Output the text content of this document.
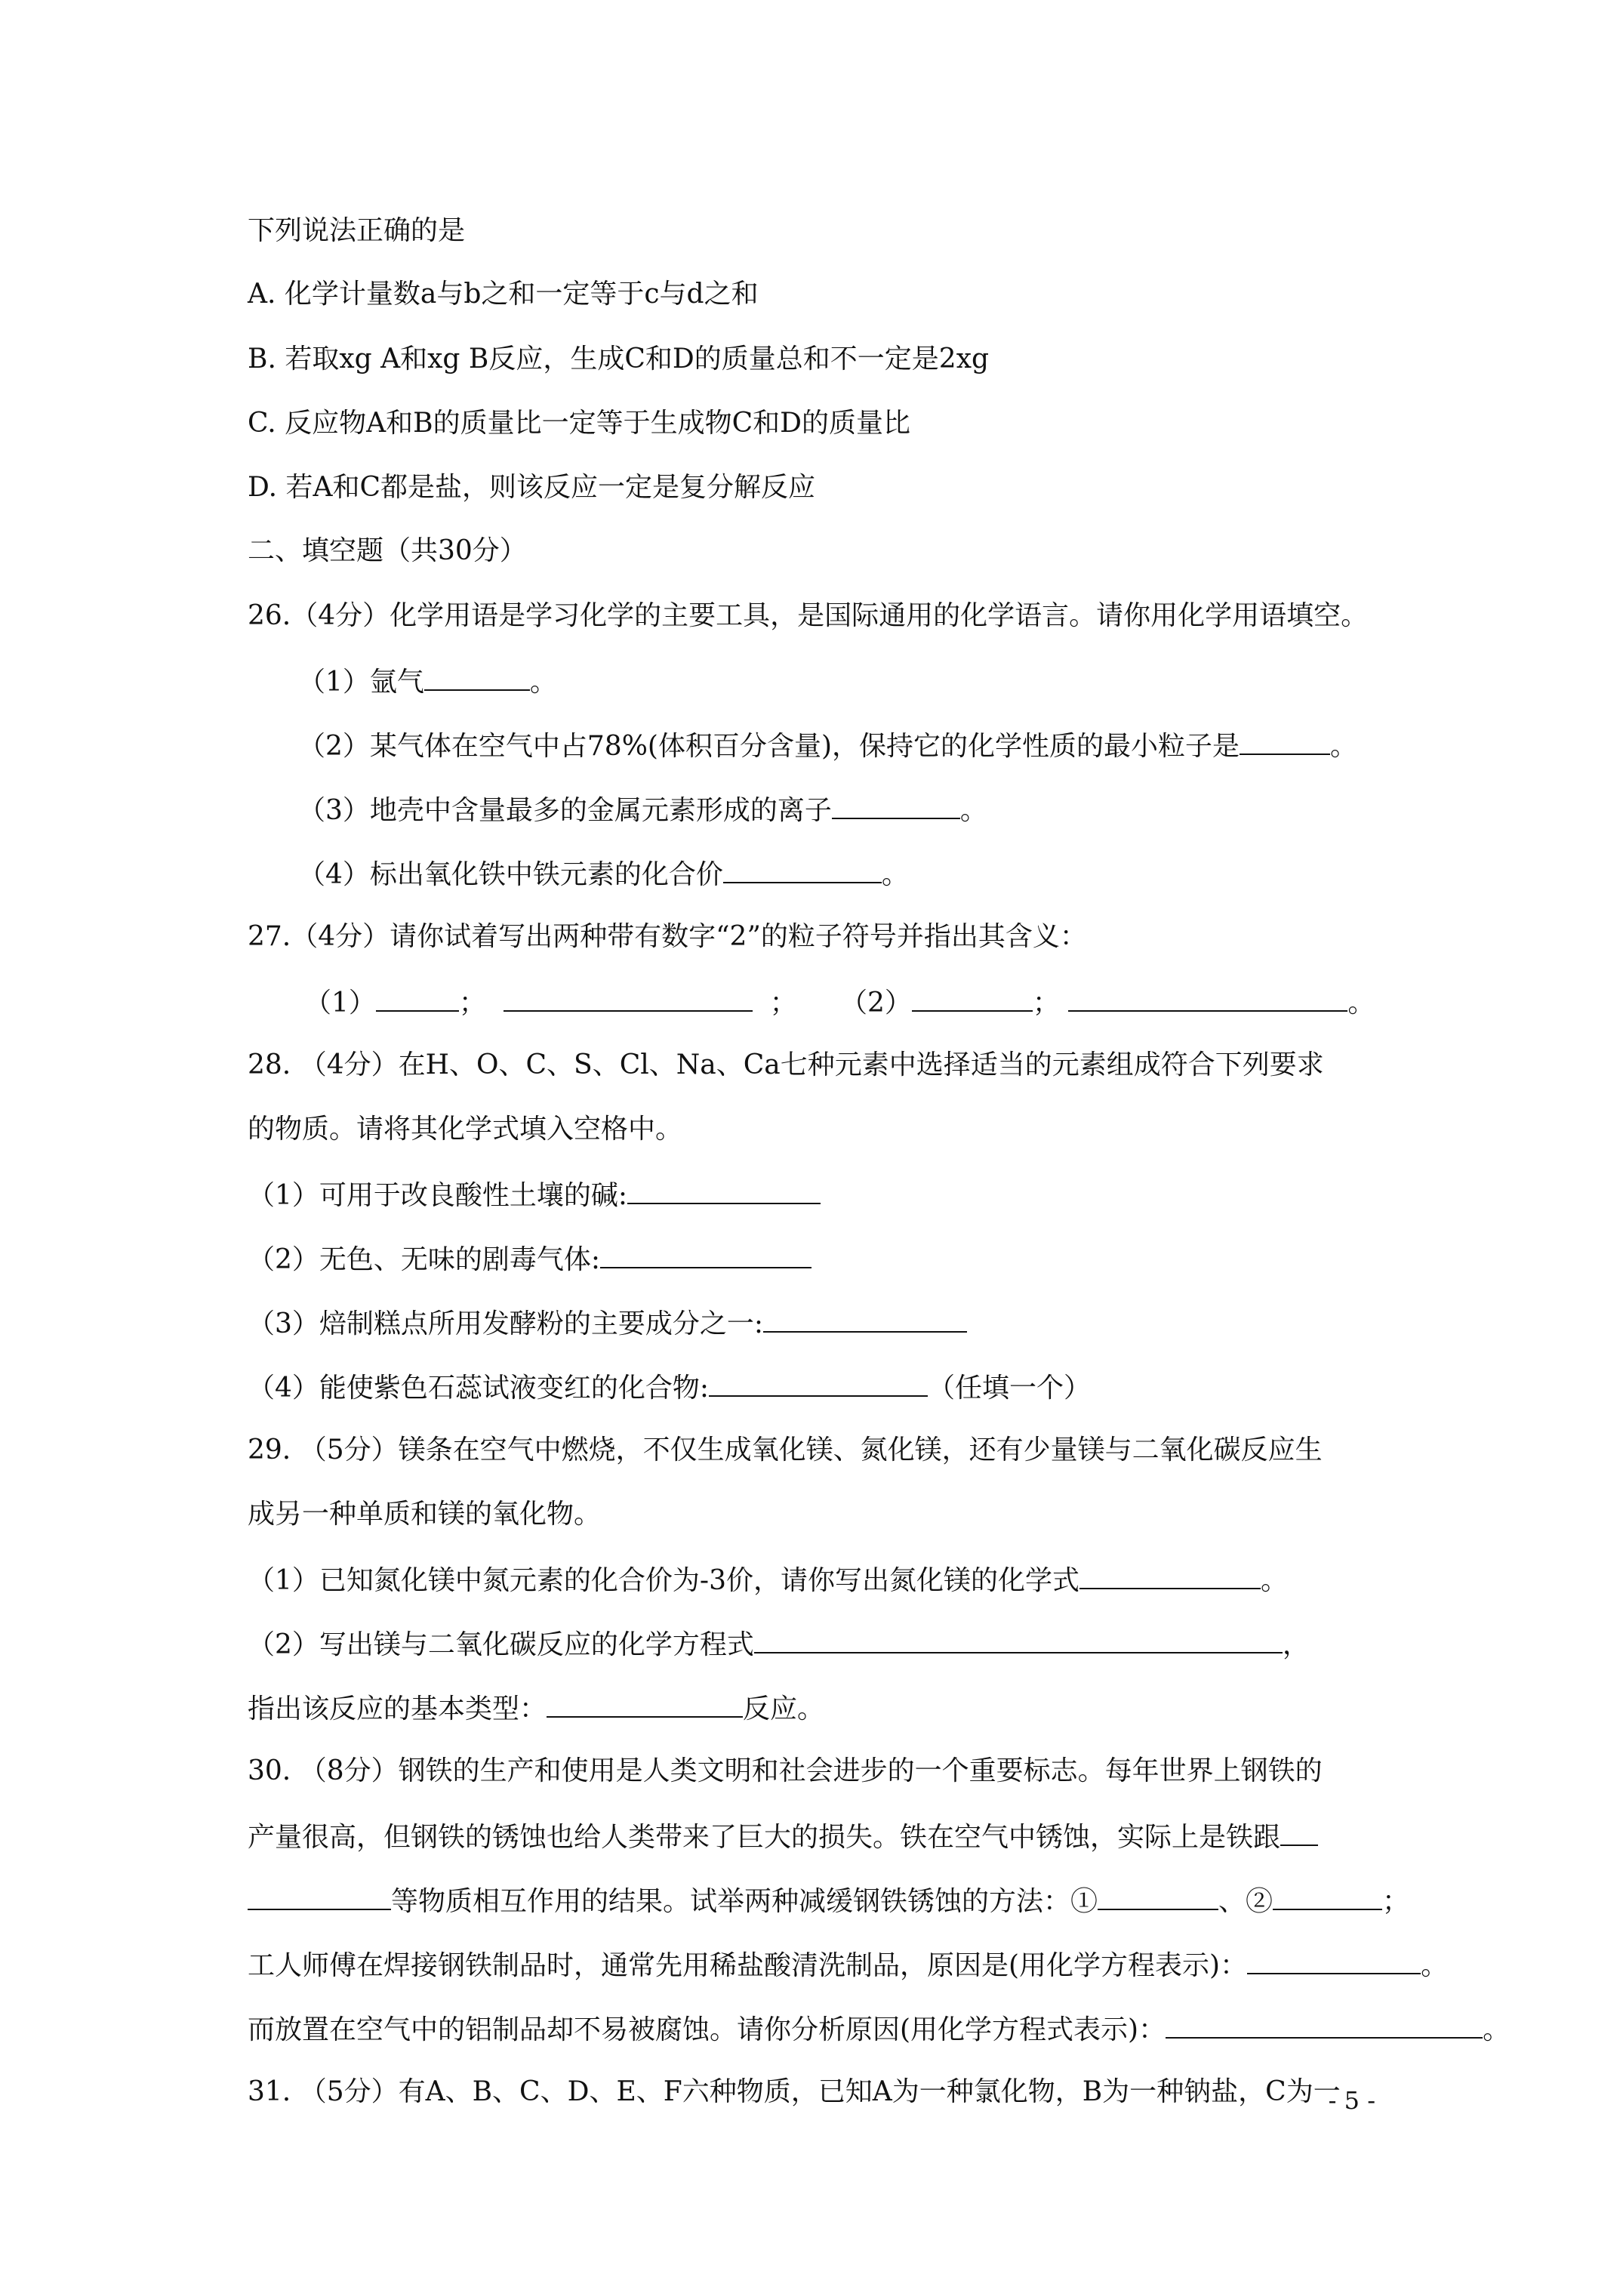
下列说法正确的是
A. 化学计量数a与b之和一定等于c与d之和
B. 若取xg A和xg B反应，生成C和D的质量总和不一定是2xg
C. 反应物A和B的质量比一定等于生成物C和D的质量比
D. 若A和C都是盐，则该反应一定是复分解反应
二、填空题（共30分）
26.（4分）化学用语是学习化学的主要工具，是国际通用的化学语言。请你用化学用语填空。
（1）氩气	。
（2）某气体在空气中占78%(体积百分含量)，保持它的化学性质的最小粒子是	。
（3）地壳中含量最多的金属元素形成的离子	。
（4）标出氧化铁中铁元素的化合价	。
27.（4分）请你试着写出两种带有数字“2”的粒子符号并指出其含义：
（1）	；	； （2）	；	。
28. （4分）在H、O、C、S、Cl、Na、Ca七种元素中选择适当的元素组成符合下列要求
的物质。请将其化学式填入空格中。
（1）可用于改良酸性土壤的碱:
（2）无色、无味的剧毒气体:
（3）焙制糕点所用发酵粉的主要成分之一:
（4）能使紫色石蕊试液变红的化合物:	（任填一个）
29. （5分）镁条在空气中燃烧，不仅生成氧化镁、氮化镁，还有少量镁与二氧化碳反应生
成另一种单质和镁的氧化物。
（1）已知氮化镁中氮元素的化合价为-3价，请你写出氮化镁的化学式	。
（2）写出镁与二氧化碳反应的化学方程式	，
指出该反应的基本类型：	反应。
30. （8分）钢铁的生产和使用是人类文明和社会进步的一个重要标志。每年世界上钢铁的
产量很高，但钢铁的锈蚀也给人类带来了巨大的损失。铁在空气中锈蚀，实际上是铁跟
等物质相互作用的结果。试举两种减缓钢铁锈蚀的方法：①	、②	；
工人师傅在焊接钢铁制品时，通常先用稀盐酸清洗制品，原因是(用化学方程表示)：	。
而放置在空气中的铝制品却不易被腐蚀。请你分析原因(用化学方程式表示)：	。
31. （5分）有A、B、C、D、E、F六种物质，已知A为一种氯化物，B为一种钠盐，C为一
- 5 -
